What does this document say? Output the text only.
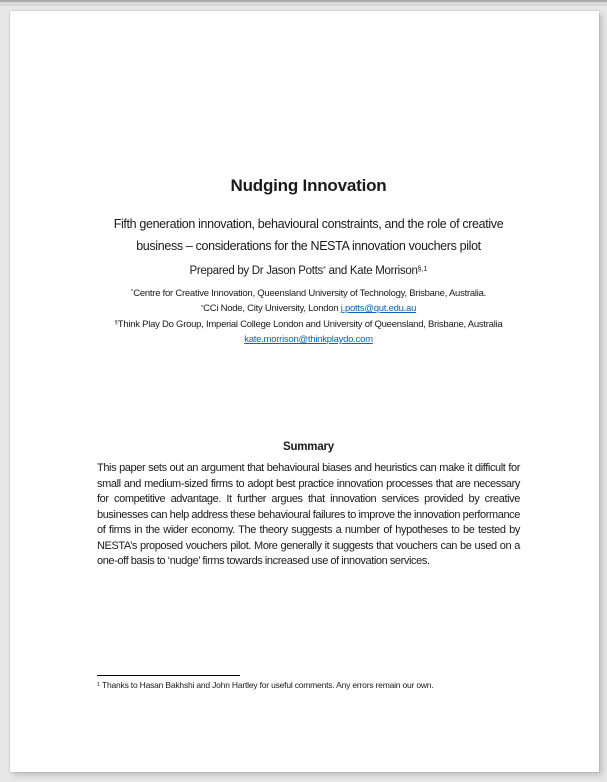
Nudging Innovation
Fifth generation innovation, behavioural constraints, and the role of creative
business – considerations for the NESTA innovation vouchers pilot
Prepared by Dr Jason Potts* and Kate Morrison$^{\S,1}$
*Centre for Creative Innovation, Queensland University of Technology, Brisbane, Australia.
*CCi Node, City University, London j.potts@qut.edu.au
§Think Play Do Group, Imperial College London and University of Queensland, Brisbane, Australia
kate.morrison@thinkplaydo.com
Summary

This paper sets out an argument that behavioural biases and heuristics can make it difficult for small and medium-sized firms to adopt best practice innovation processes that are necessary for competitive advantage. It further argues that innovation services provided by creative businesses can help address these behavioural failures to improve the innovation performance of firms in the wider economy. The theory suggests a number of hypotheses to be tested by NESTA’s proposed vouchers pilot. More generally it suggests that vouchers can be used on a one-off basis to ‘nudge’ firms towards increased use of innovation services.

$^1$ Thanks to Hasan Bakhshi and John Hartley for useful comments. Any errors remain our own.
